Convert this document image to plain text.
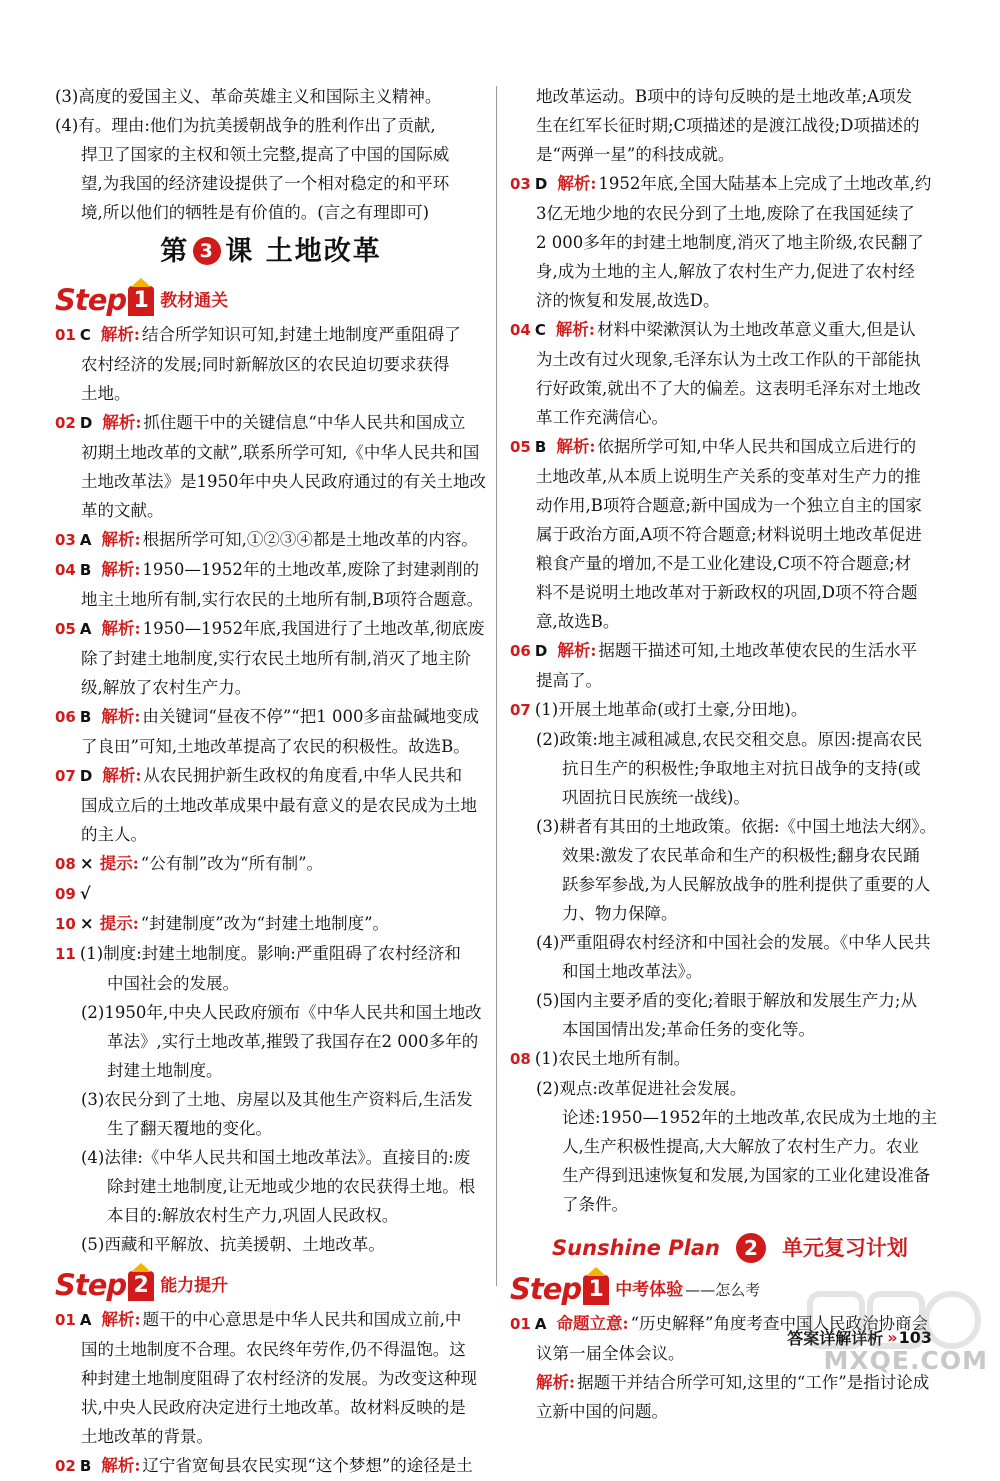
(3)高度的爱国主义、革命英雄主义和国际主义精神。

(4)有。理由:他们为抗美援朝战争的胜利作出了贡献,

捍卫了国家的主权和领土完整,提高了中国的国际威

望,为我国的经济建设提供了一个相对稳定的和平环

境,所以他们的牺牲是有价值的。(言之有理即可)

第 3 课 土地改革
Step 1 教材通关

01 C 解析: 结合所学知识可知,封建土地制度严重阻碍了

农村经济的发展;同时新解放区的农民迫切要求获得

土地。

02 D 解析: 抓住题干中的关键信息“中华人民共和国成立

初期土地改革的文献”,联系所学可知,《中华人民共和国

土地改革法》是1950年中央人民政府通过的有关土地改

革的文献。

03 A 解析: 根据所学可知,①②③④都是土地改革的内容。

04 B 解析: 1950—1952年的土地改革,废除了封建剥削的

地主土地所有制,实行农民的土地所有制,B项符合题意。

05 A 解析: 1950—1952年底,我国进行了土地改革,彻底废

除了封建土地制度,实行农民土地所有制,消灭了地主阶

级,解放了农村生产力。

06 B 解析: 由关键词“昼夜不停”“把1 000多亩盐碱地变成

了良田”可知,土地改革提高了农民的积极性。故选B。

07 D 解析: 从农民拥护新生政权的角度看,中华人民共和

国成立后的土地改革成果中最有意义的是农民成为土地

的主人。

08 × 提示: “公有制”改为“所有制”。

09 √

10 × 提示: “封建制度”改为“封建土地制度”。

11 (1)制度:封建土地制度。影响:严重阻碍了农村经济和

中国社会的发展。

(2)1950年,中央人民政府颁布《中华人民共和国土地改

革法》,实行土地改革,摧毁了我国存在2 000多年的

封建土地制度。

(3)农民分到了土地、房屋以及其他生产资料后,生活发

生了翻天覆地的变化。

(4)法律:《中华人民共和国土地改革法》。直接目的:废

除封建土地制度,让无地或少地的农民获得土地。根

本目的:解放农村生产力,巩固人民政权。

(5)西藏和平解放、抗美援朝、土地改革。

Step 2 能力提升

01 A 解析: 题干的中心意思是中华人民共和国成立前,中

国的土地制度不合理。农民终年劳作,仍不得温饱。这

种封建土地制度阻碍了农村经济的发展。为改变这种现

状,中央人民政府决定进行土地改革。故材料反映的是

土地改革的背景。

02 B 解析: 辽宁省宽甸县农民实现“这个梦想”的途径是土

地改革运动。B项中的诗句反映的是土地改革;A项发

生在红军长征时期;C项描述的是渡江战役;D项描述的

是“两弹一星”的科技成就。

03 D 解析: 1952年底,全国大陆基本上完成了土地改革,约

3亿无地少地的农民分到了土地,废除了在我国延续了

2 000多年的封建土地制度,消灭了地主阶级,农民翻了

身,成为土地的主人,解放了农村生产力,促进了农村经

济的恢复和发展,故选D。

04 C 解析: 材料中梁漱溟认为土地改革意义重大,但是认

为土改有过火现象,毛泽东认为土改工作队的干部能执

行好政策,就出不了大的偏差。这表明毛泽东对土地改

革工作充满信心。

05 B 解析: 依据所学可知,中华人民共和国成立后进行的

土地改革,从本质上说明生产关系的变革对生产力的推

动作用,B项符合题意;新中国成为一个独立自主的国家

属于政治方面,A项不符合题意;材料说明土地改革促进

粮食产量的增加,不是工业化建设,C项不符合题意;材

料不是说明土地改革对于新政权的巩固,D项不符合题

意,故选B。

06 D 解析: 据题干描述可知,土地改革使农民的生活水平

提高了。

07 (1)开展土地革命(或打土豪,分田地)。

(2)政策:地主减租减息,农民交租交息。原因:提高农民

抗日生产的积极性;争取地主对抗日战争的支持(或

巩固抗日民族统一战线)。

(3)耕者有其田的土地政策。依据:《中国土地法大纲》。

效果:激发了农民革命和生产的积极性;翻身农民踊

跃参军参战,为人民解放战争的胜利提供了重要的人

力、物力保障。

(4)严重阻碍农村经济和中国社会的发展。《中华人民共

和国土地改革法》。

(5)国内主要矛盾的变化;着眼于解放和发展生产力;从

本国国情出发;革命任务的变化等。

08 (1)农民土地所有制。

(2)观点:改革促进社会发展。

论述:1950—1952年的土地改革,农民成为土地的主

人,生产积极性提高,大大解放了农村生产力。农业

生产得到迅速恢复和发展,为国家的工业化建设准备

了条件。

Sunshine Plan	2	单元复习计划
Step 1 中考体验 ——怎么考

01 A 命题立意: “历史解释”角度考查中国人民政治协商会

议第一届全体会议。

解析: 据题干并结合所学可知,这里的“工作”是指讨论成

立新中国的问题。

答案详解详析 » 103
MXQE.COM
